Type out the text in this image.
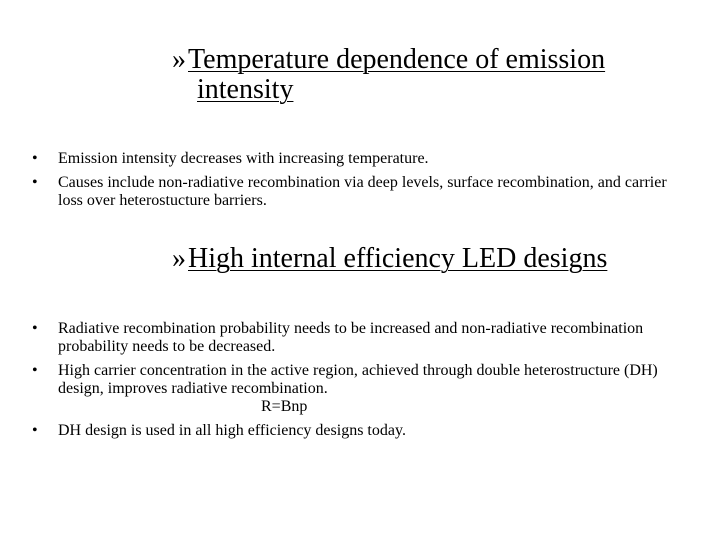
»Temperature dependence of emission
intensity
• Emission intensity decreases with increasing temperature.
• Causes include non-radiative recombination via deep levels, surface recombination, and carrier loss over heterostucture barriers.
»High internal efficiency LED designs
• Radiative recombination probability needs to be increased and non-radiative recombination probability needs to be decreased.
• High carrier concentration in the active region, achieved through double heterostructure (DH) design, improves radiative recombination.
R=Bnp
• DH design is used in all high efficiency designs today.
